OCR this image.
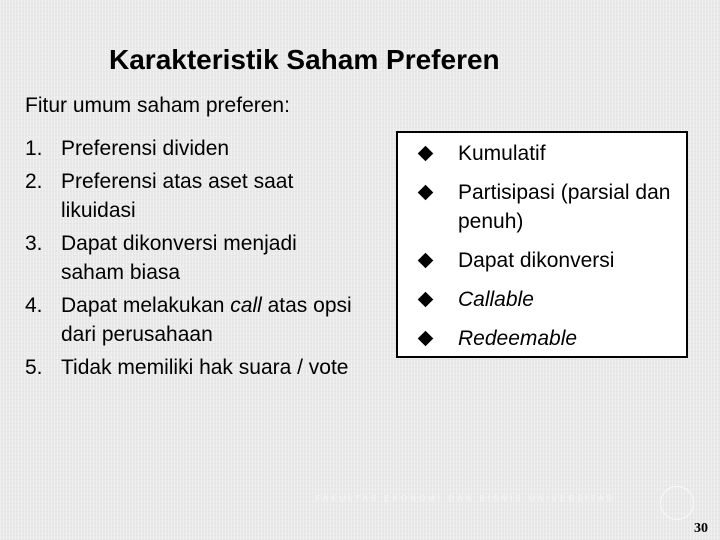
Karakteristik Saham Preferen

Fitur umum saham preferen:

1. Preferensi dividen
2. Preferensi atas aset saat likuidasi
3. Dapat dikonversi menjadi saham biasa
4. Dapat melakukan call atas opsi dari perusahaan
5. Tidak memiliki hak suara / vote
Kumulatif
Partisipasi (parsial dan penuh)
Dapat dikonversi
Callable
Redeemable
FAKULTAS EKONOMI DAN BISNIS UNIVERSITAS
30
